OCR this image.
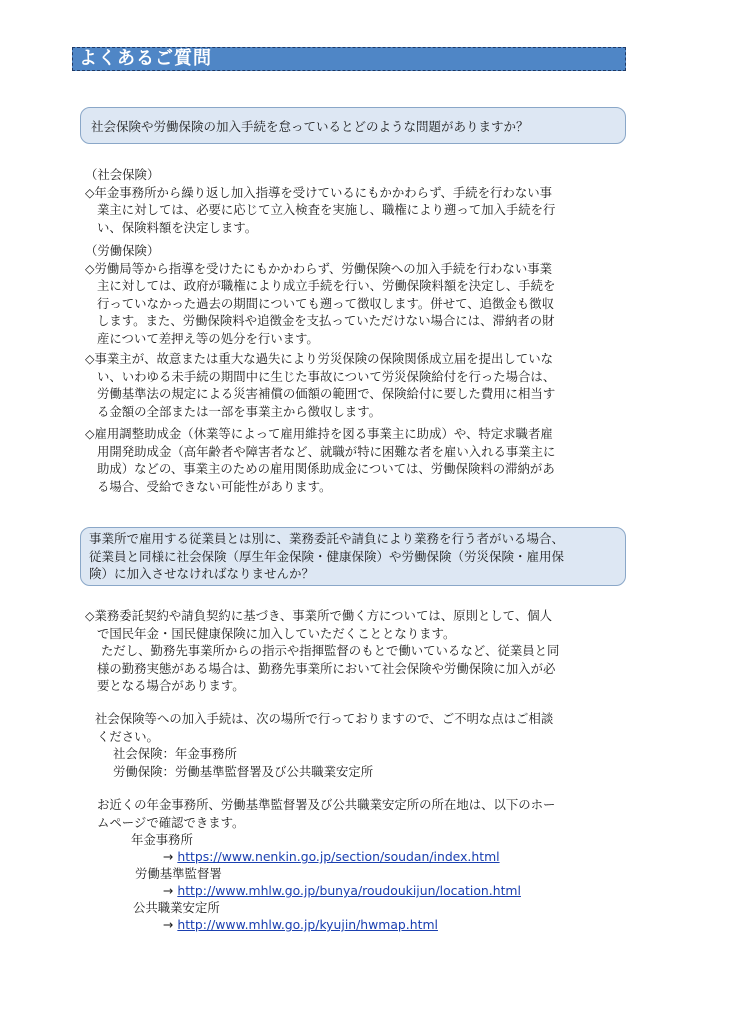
よくあるご質問
社会保険や労働保険の加入手続を怠っているとどのような問題がありますか？
（社会保険）
◇年金事務所から繰り返し加入指導を受けているにもかかわらず、手続を行わない事
業主に対しては、必要に応じて立入検査を実施し、職権により遡って加入手続を行
い、保険料額を決定します。
（労働保険）
◇労働局等から指導を受けたにもかかわらず、労働保険への加入手続を行わない事業
主に対しては、政府が職権により成立手続を行い、労働保険料額を決定し、手続を
行っていなかった過去の期間についても遡って徴収します。併せて、追徴金も徴収
します。また、労働保険料や追徴金を支払っていただけない場合には、滞納者の財
産について差押え等の処分を行います。
◇事業主が、故意または重大な過失により労災保険の保険関係成立届を提出していな
い、いわゆる未手続の期間中に生じた事故について労災保険給付を行った場合は、
労働基準法の規定による災害補償の価額の範囲で、保険給付に要した費用に相当す
る金額の全部または一部を事業主から徴収します。
◇雇用調整助成金（休業等によって雇用維持を図る事業主に助成）や、特定求職者雇
用開発助成金（高年齢者や障害者など、就職が特に困難な者を雇い入れる事業主に
助成）などの、事業主のための雇用関係助成金については、労働保険料の滞納があ
る場合、受給できない可能性があります。
事業所で雇用する従業員とは別に、業務委託や請負により業務を行う者がいる場合、
従業員と同様に社会保険（厚生年金保険・健康保険）や労働保険（労災保険・雇用保
険）に加入させなければなりませんか？
◇業務委託契約や請負契約に基づき、事業所で働く方については、原則として、個人
で国民年金・国民健康保険に加入していただくこととなります。
ただし、勤務先事業所からの指示や指揮監督のもとで働いているなど、従業員と同
様の勤務実態がある場合は、勤務先事業所において社会保険や労働保険に加入が必
要となる場合があります。
社会保険等への加入手続は、次の場所で行っておりますので、ご不明な点はご相談
ください。
社会保険：年金事務所
労働保険：労働基準監督署及び公共職業安定所
お近くの年金事務所、労働基準監督署及び公共職業安定所の所在地は、以下のホー
ムページで確認できます。
年金事務所
→ https://www.nenkin.go.jp/section/soudan/index.html
労働基準監督署
→ http://www.mhlw.go.jp/bunya/roudoukijun/location.html
公共職業安定所
→ http://www.mhlw.go.jp/kyujin/hwmap.html
